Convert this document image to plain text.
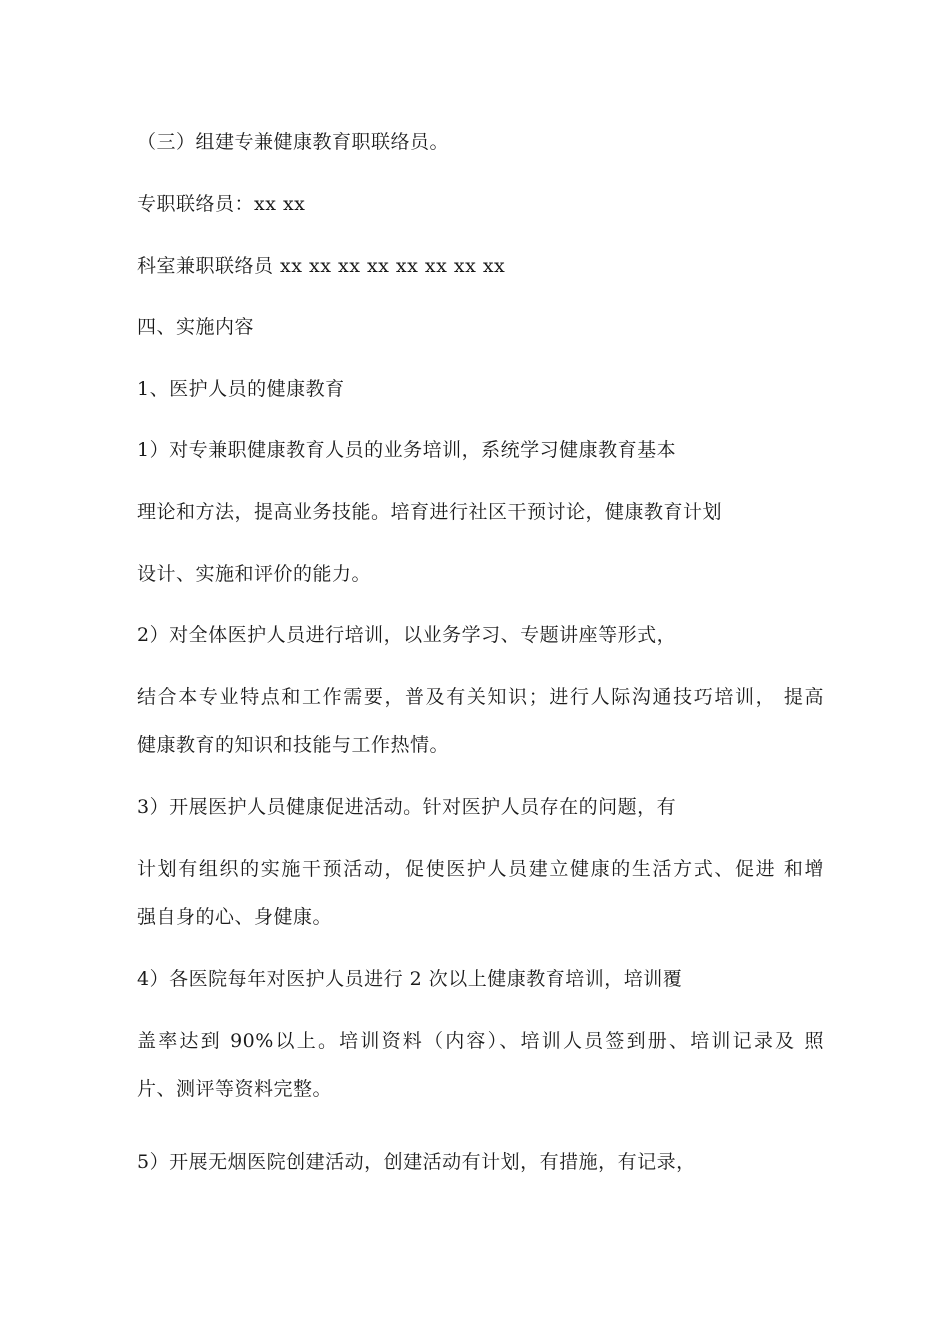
（三）组建专兼健康教育职联络员。
专职联络员：xx xx
科室兼职联络员 xx xx xx xx xx xx xx xx
四、实施内容
1、医护人员的健康教育
1）对专兼职健康教育人员的业务培训，系统学习健康教育基本
理论和方法，提高业务技能。培育进行社区干预讨论，健康教育计划
设计、实施和评价的能力。
2）对全体医护人员进行培训，以业务学习、专题讲座等形式，
结合本专业特点和工作需要，普及有关知识；进行人际沟通技巧培训， 提高
健康教育的知识和技能与工作热情。
3）开展医护人员健康促进活动。针对医护人员存在的问题，有
计划有组织的实施干预活动，促使医护人员建立健康的生活方式、促进 和增
强自身的心、身健康。
4）各医院每年对医护人员进行 2 次以上健康教育培训，培训覆
盖率达到 90%以上。培训资料（内容）、培训人员签到册、培训记录及 照
片、测评等资料完整。
5）开展无烟医院创建活动，创建活动有计划，有措施，有记录，
